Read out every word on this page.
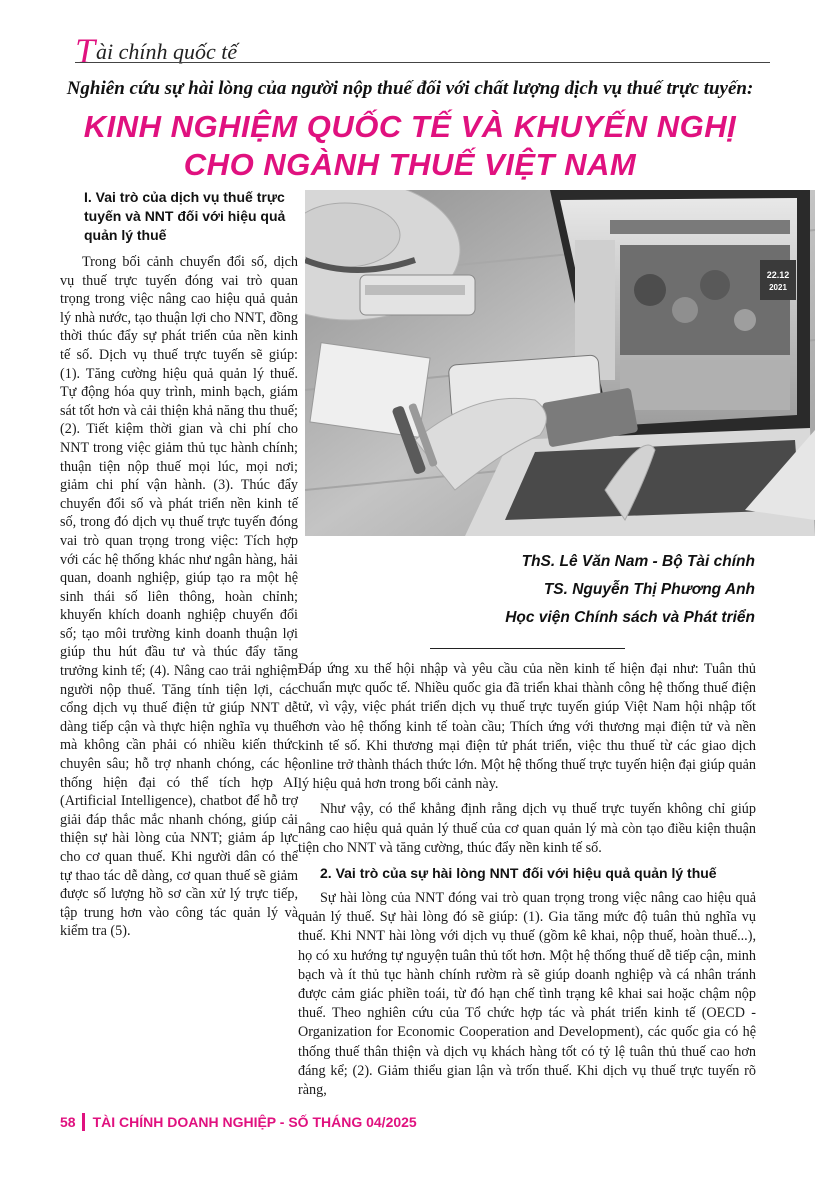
Tài chính quốc tế
Nghiên cứu sự hài lòng của người nộp thuế đối với chất lượng dịch vụ thuế trực tuyến:
KINH NGHIỆM QUỐC TẾ VÀ KHUYẾN NGHỊ
CHO NGÀNH THUẾ VIỆT NAM
I. Vai trò của dịch vụ thuế trực tuyến và NNT đối với hiệu quả quản lý thuế

Trong bối cảnh chuyển đổi số, dịch vụ thuế trực tuyến đóng vai trò quan trọng trong việc nâng cao hiệu quả quản lý nhà nước, tạo thuận lợi cho NNT, đồng thời thúc đẩy sự phát triển của nền kinh tế số. Dịch vụ thuế trực tuyến sẽ giúp: (1). Tăng cường hiệu quả quản lý thuế. Tự động hóa quy trình, minh bạch, giám sát tốt hơn và cải thiện khả năng thu thuế; (2). Tiết kiệm thời gian và chi phí cho NNT trong việc giảm thủ tục hành chính; thuận tiện nộp thuế mọi lúc, mọi nơi; giảm chi phí vận hành. (3). Thúc đẩy chuyển đổi số và phát triển nền kinh tế số, trong đó dịch vụ thuế trực tuyến đóng vai trò quan trọng trong việc: Tích hợp với các hệ thống khác như ngân hàng, hải quan, doanh nghiệp, giúp tạo ra một hệ sinh thái số liên thông, hoàn chỉnh; khuyến khích doanh nghiệp chuyển đổi số; tạo môi trường kinh doanh thuận lợi giúp thu hút đầu tư và thúc đẩy tăng trưởng kinh tế; (4). Nâng cao trải nghiệm người nộp thuế. Tăng tính tiện lợi, các cổng dịch vụ thuế điện tử giúp NNT dễ dàng tiếp cận và thực hiện nghĩa vụ thuế mà không cần phải có nhiều kiến thức chuyên sâu; hỗ trợ nhanh chóng, các hệ thống hiện đại có thể tích hợp AI (Artificial Intelligence), chatbot để hỗ trợ giải đáp thắc mắc nhanh chóng, giúp cải thiện sự hài lòng của NNT; giảm áp lực cho cơ quan thuế. Khi người dân có thể tự thao tác dễ dàng, cơ quan thuế sẽ giảm được số lượng hồ sơ cần xử lý trực tiếp, tập trung hơn vào công tác quản lý và kiểm tra (5).

22.12
2021
ThS. Lê Văn Nam - Bộ Tài chính
TS. Nguyễn Thị Phương Anh
Học viện Chính sách và Phát triển

Đáp ứng xu thế hội nhập và yêu cầu của nền kinh tế hiện đại như: Tuân thủ chuẩn mực quốc tế. Nhiều quốc gia đã triển khai thành công hệ thống thuế điện tử, vì vậy, việc phát triển dịch vụ thuế trực tuyến giúp Việt Nam hội nhập tốt hơn vào hệ thống kinh tế toàn cầu; Thích ứng với thương mại điện tử và nền kinh tế số. Khi thương mại điện tử phát triển, việc thu thuế từ các giao dịch online trở thành thách thức lớn. Một hệ thống thuế trực tuyến hiện đại giúp quản lý hiệu quả hơn trong bối cảnh này.

Như vậy, có thể khẳng định rằng dịch vụ thuế trực tuyến không chỉ giúp nâng cao hiệu quả quản lý thuế của cơ quan quản lý mà còn tạo điều kiện thuận tiện cho NNT và tăng cường, thúc đẩy nền kinh tế số.

2. Vai trò của sự hài lòng NNT đối với hiệu quả quản lý thuế

Sự hài lòng của NNT đóng vai trò quan trọng trong việc nâng cao hiệu quả quản lý thuế. Sự hài lòng đó sẽ giúp: (1). Gia tăng mức độ tuân thủ nghĩa vụ thuế. Khi NNT hài lòng với dịch vụ thuế (gồm kê khai, nộp thuế, hoàn thuế...), họ có xu hướng tự nguyện tuân thủ tốt hơn. Một hệ thống thuế dễ tiếp cận, minh bạch và ít thủ tục hành chính rườm rà sẽ giúp doanh nghiệp và cá nhân tránh được cảm giác phiền toái, từ đó hạn chế tình trạng kê khai sai hoặc chậm nộp thuế. Theo nghiên cứu của Tổ chức hợp tác và phát triển kinh tế (OECD - Organization for Economic Cooperation and Development), các quốc gia có hệ thống thuế thân thiện và dịch vụ khách hàng tốt có tỷ lệ tuân thủ thuế cao hơn đáng kể; (2). Giảm thiểu gian lận và trốn thuế. Khi dịch vụ thuế trực tuyến rõ ràng,

58 TÀI CHÍNH DOANH NGHIỆP - SỐ THÁNG 04/2025
